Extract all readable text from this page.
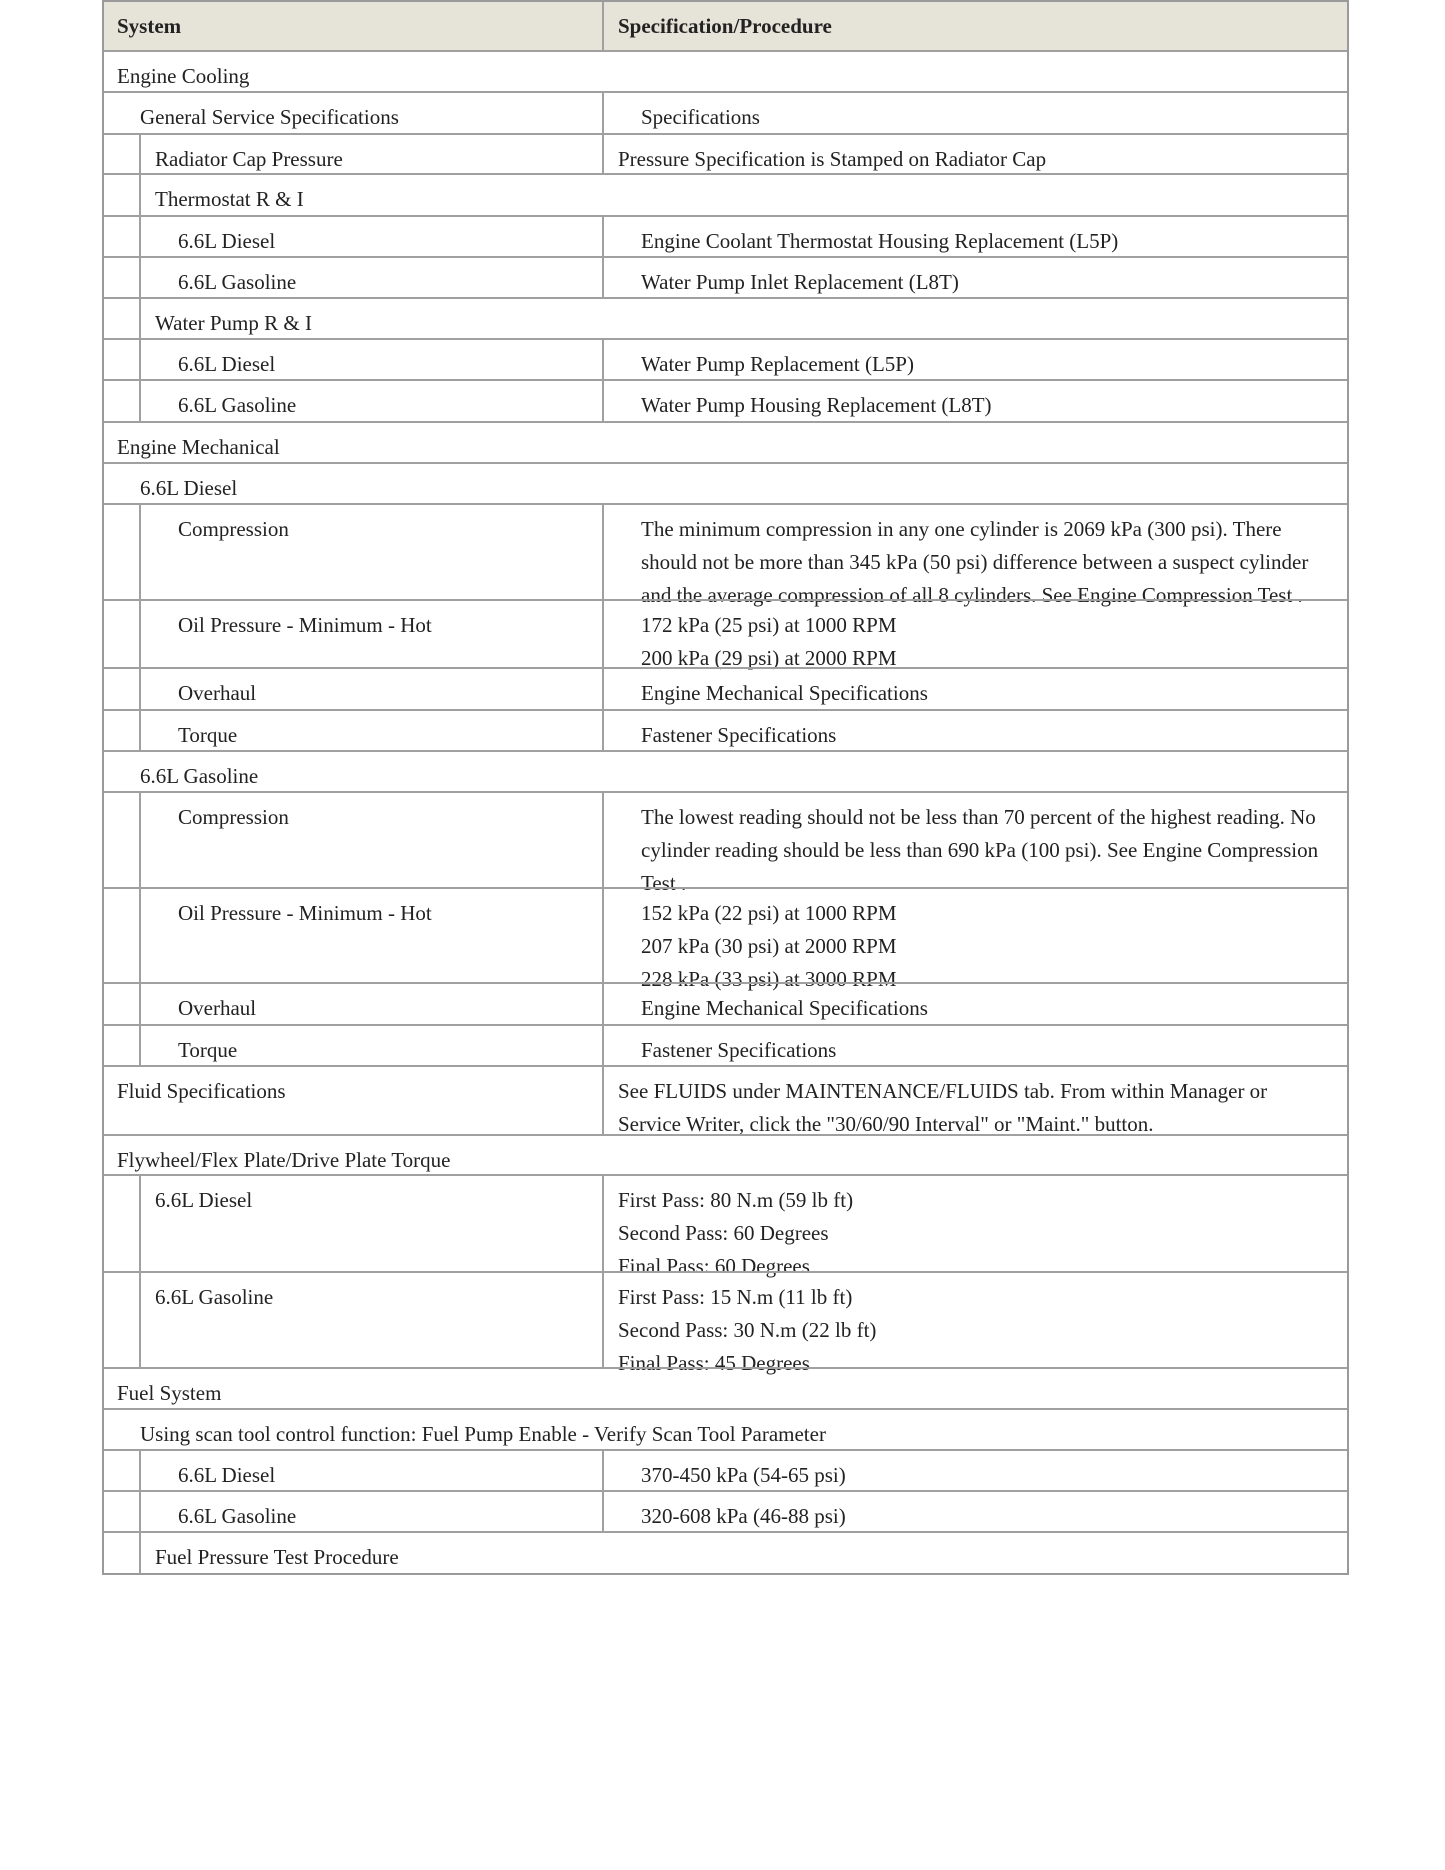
System	Specification/Procedure
Engine Cooling
General Service Specifications	Specifications
Radiator Cap Pressure	Pressure Specification is Stamped on Radiator Cap
Thermostat R & I
6.6L Diesel	Engine Coolant Thermostat Housing Replacement (L5P)
6.6L Gasoline	Water Pump Inlet Replacement (L8T)
Water Pump R & I
6.6L Diesel	Water Pump Replacement (L5P)
6.6L Gasoline	Water Pump Housing Replacement (L8T)
Engine Mechanical
6.6L Diesel
Compression	The minimum compression in any one cylinder is 2069 kPa (300 psi). There
should not be more than 345 kPa (50 psi) difference between a suspect cylinder
and the average compression of all 8 cylinders. See Engine Compression Test .
Oil Pressure - Minimum - Hot	172 kPa (25 psi) at 1000 RPM
200 kPa (29 psi) at 2000 RPM
Overhaul	Engine Mechanical Specifications
Torque	Fastener Specifications
6.6L Gasoline
Compression	The lowest reading should not be less than 70 percent of the highest reading. No
cylinder reading should be less than 690 kPa (100 psi). See Engine Compression
Test .
Oil Pressure - Minimum - Hot	152 kPa (22 psi) at 1000 RPM
207 kPa (30 psi) at 2000 RPM
228 kPa (33 psi) at 3000 RPM
Overhaul	Engine Mechanical Specifications
Torque	Fastener Specifications
Fluid Specifications	See FLUIDS under MAINTENANCE/FLUIDS tab. From within Manager or
Service Writer, click the "30/60/90 Interval" or "Maint." button.
Flywheel/Flex Plate/Drive Plate Torque
6.6L Diesel	First Pass: 80 N.m (59 lb ft)
Second Pass: 60 Degrees
Final Pass: 60 Degrees
6.6L Gasoline	First Pass: 15 N.m (11 lb ft)
Second Pass: 30 N.m (22 lb ft)
Final Pass: 45 Degrees
Fuel System
Using scan tool control function: Fuel Pump Enable - Verify Scan Tool Parameter
6.6L Diesel	370-450 kPa (54-65 psi)
6.6L Gasoline	320-608 kPa (46-88 psi)
Fuel Pressure Test Procedure
